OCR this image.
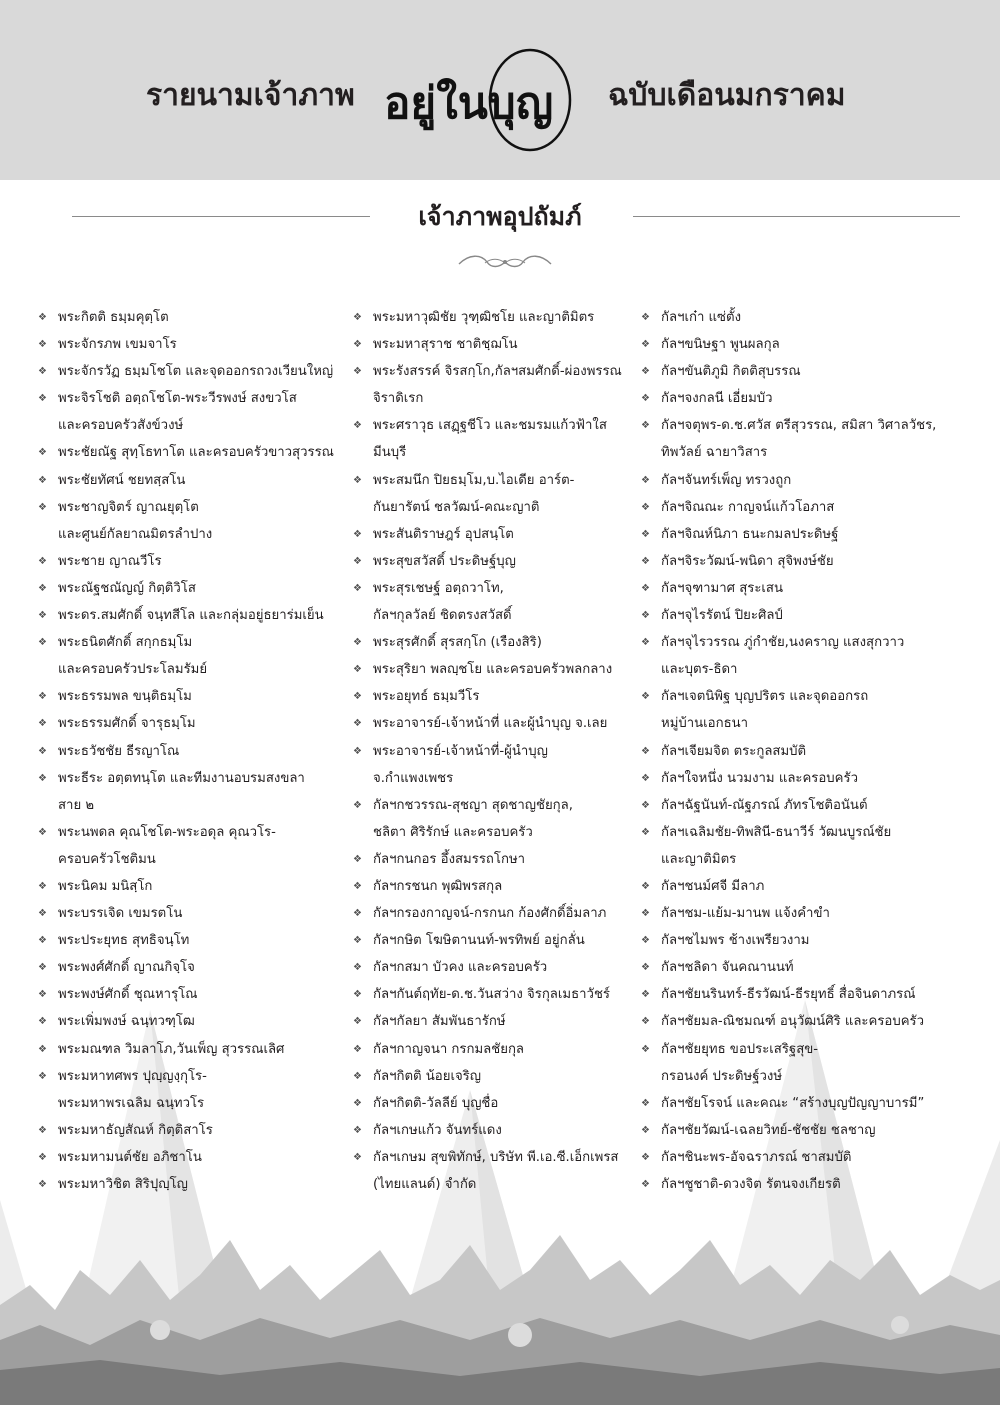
รายนามเจ้าภาพ อยู่ในบุญ ฉบับเดือนมกราคม
เจ้าภาพอุปถัมภ์
❖ พระกิตติ ธมฺมคุตฺโต
❖ พระจักรภพ เขมจาโร
❖ พระจักรวัฏ ธมฺมโชโต และจุดออกรถวงเวียนใหญ่
❖ พระจิรโชติ อตฺถโชโต-พระวีรพงษ์ สงขวโส
และครอบครัวสังข์วงษ์
❖ พระชัยณัฐ สุทฺโธทาโต และครอบครัวขาวสุวรรณ
❖ พระชัยทัศน์ ชยทสฺสโน
❖ พระชาญจิตร์ ญาณยุตฺโต
และศูนย์กัลยาณมิตรลำปาง
❖ พระชาย ญาณวีโร
❖ พระณัฐชณัญญ์ กิตฺติวิโส
❖ พระดร.สมศักดิ์ จนฺทสีโล และกลุ่มอยู่ธยาร่มเย็น
❖ พระธนิตศักดิ์ สกฺกธมฺโม
และครอบครัวประโลมรัมย์
❖ พระธรรมพล ขนฺติธมฺโม
❖ พระธรรมศักดิ์ จารุธมฺโม
❖ พระธวัชชัย ธีรญาโณ
❖ พระธีระ อตฺตทนฺโต และทีมงานอบรมสงขลา
สาย ๒
❖ พระนพดล คุณโชโต-พระอดุล คุณวโร-
ครอบครัวโชติมน
❖ พระนิคม มนิสฺโก
❖ พระบรรเจิด เขมรตโน
❖ พระประยุทธ สุทธิจนฺโท
❖ พระพงศ์ศักดิ์ ญาณกิจฺโจ
❖ พระพงษ์ศักดิ์ ชุณหารุโณ
❖ พระเพิ่มพงษ์ ฉนฺทวฑฺโฒ
❖ พระมณฑล วิมลาโภ,วันเพ็ญ สุวรรณเลิศ
❖ พระมหาทศพร ปุญฺญงฺกุโร-
พระมหาพรเฉลิม ฉนฺทวโร
❖ พระมหาธัญสัณห์ กิตฺติสาโร
❖ พระมหามนต์ชัย อภิชาโน
❖ พระมหาวิชิต สิริปุญฺโญ
❖ พระมหาวุฒิชัย วุฑฺฒิชโย และญาติมิตร
❖ พระมหาสุราช ชาติชฺฌโน
❖ พระรังสรรค์ จิรสกฺโก,กัลฯสมศักดิ์-ผ่องพรรณ
จิราดิเรก
❖ พระศราวุธ เสฏฺฐชีโว และชมรมแก้วฟ้าใส
มีนบุรี
❖ พระสมนึก ปิยธมฺโม,บ.ไอเดีย อาร์ต-
กันยารัตน์ ชลวัฒน์-คณะญาติ
❖ พระสันติราษฎร์ อุปสนฺโต
❖ พระสุขสวัสดิ์ ประดิษฐ์บุญ
❖ พระสุรเชษฐ์ อตฺถวาโท,
กัลฯกุลวัลย์ ชิดตรงสวัสดิ์
❖ พระสุรศักดิ์ สุรสกฺโก (เรืองสิริ)
❖ พระสุริยา พลญฺชโย และครอบครัวพลกลาง
❖ พระอยุทธ์ ธมฺมวีโร
❖ พระอาจารย์-เจ้าหน้าที่ และผู้นำบุญ จ.เลย
❖ พระอาจารย์-เจ้าหน้าที่-ผู้นำบุญ
จ.กำแพงเพชร
❖ กัลฯกชวรรณ-สุชญา สุดชาญชัยกุล,
ชลิตา ศิริรักษ์ และครอบครัว
❖ กัลฯกนกอร อึ้งสมรรถโกษา
❖ กัลฯกรชนก พุฒิพรสกุล
❖ กัลฯกรองกาญจน์-กรกนก ก้องศักดิ์อิ่มลาภ
❖ กัลฯกษิต โฆษิตานนท์-พรทิพย์ อยู่กลั่น
❖ กัลฯกสมา บัวคง และครอบครัว
❖ กัลฯกันต์ฤทัย-ด.ช.วันสว่าง จิรกุลเมธาวัชร์
❖ กัลฯกัลยา สัมพันธารักษ์
❖ กัลฯกาญจนา กรกมลชัยกุล
❖ กัลฯกิตติ น้อยเจริญ
❖ กัลฯกิตติ-วัลลีย์ บุญชื่อ
❖ กัลฯเกษแก้ว จันทร์แดง
❖ กัลฯเกษม สุขพิทักษ์, บริษัท พี.เอ.ซี.เอ็กเพรส
(ไทยแลนด์) จำกัด
❖ กัลฯเก๋า แซ่ตั้ง
❖ กัลฯขนิษฐา พูนผลกุล
❖ กัลฯขันติภูมิ กิตติสุบรรณ
❖ กัลฯจงกลนี เอี่ยมบัว
❖ กัลฯจตุพร-ด.ช.ศวัส ตรีสุวรรณ, สมิสา วิศาลวัชร,
ทิพวัลย์ ฉายาวิสาร
❖ กัลฯจันทร์เพ็ญ ทรวงถูก
❖ กัลฯจิณณะ กาญจน์แก้วโอภาส
❖ กัลฯจิณห์นิภา ธนะกมลประดิษฐ์
❖ กัลฯจิระวัฒน์-พนิดา สุจิพงษ์ชัย
❖ กัลฯจุฑามาศ สุระเสน
❖ กัลฯจุไรรัตน์ ปิยะศิลป์
❖ กัลฯจุไรวรรณ ภู่กำชัย,นงคราญ แสงสุกวาว
และบุตร-ธิดา
❖ กัลฯเจตนิพิฐ บุญปริตร และจุดออกรถ
หมู่บ้านเอกธนา
❖ กัลฯเจียมจิต ตระกูลสมบัติ
❖ กัลฯใจหนึ่ง นวมงาม และครอบครัว
❖ กัลฯฉัฐนันท์-ณัฐภรณ์ ภัทรโชติอนันต์
❖ กัลฯเฉลิมชัย-ทิพสินี-ธนาวีร์ วัฒนบูรณ์ชัย
และญาติมิตร
❖ กัลฯชนม์ศจี มีลาภ
❖ กัลฯชม-แย้ม-มานพ แจ้งคำขำ
❖ กัลฯชไมพร ช้างเพรียวงาม
❖ กัลฯชลิดา จันคณานนท์
❖ กัลฯชัยนรินทร์-ธีรวัฒน์-ธีรยุทธิ์ สื่อจินดาภรณ์
❖ กัลฯชัยมล-ณิชมณฑ์ อนุวัฒน์ศิริ และครอบครัว
❖ กัลฯชัยยุทธ ขอประเสริฐสุข-
กรอนงค์ ประดิษฐ์วงษ์
❖ กัลฯชัยโรจน์ และคณะ “สร้างบุญปัญญาบารมี”
❖ กัลฯชัยวัฒน์-เฉลยวิทย์-ชัชชัย ชลชาญ
❖ กัลฯชินะพร-อัจฉราภรณ์ ชาสมบัติ
❖ กัลฯชูชาติ-ดวงจิต รัตนจงเกียรติ
